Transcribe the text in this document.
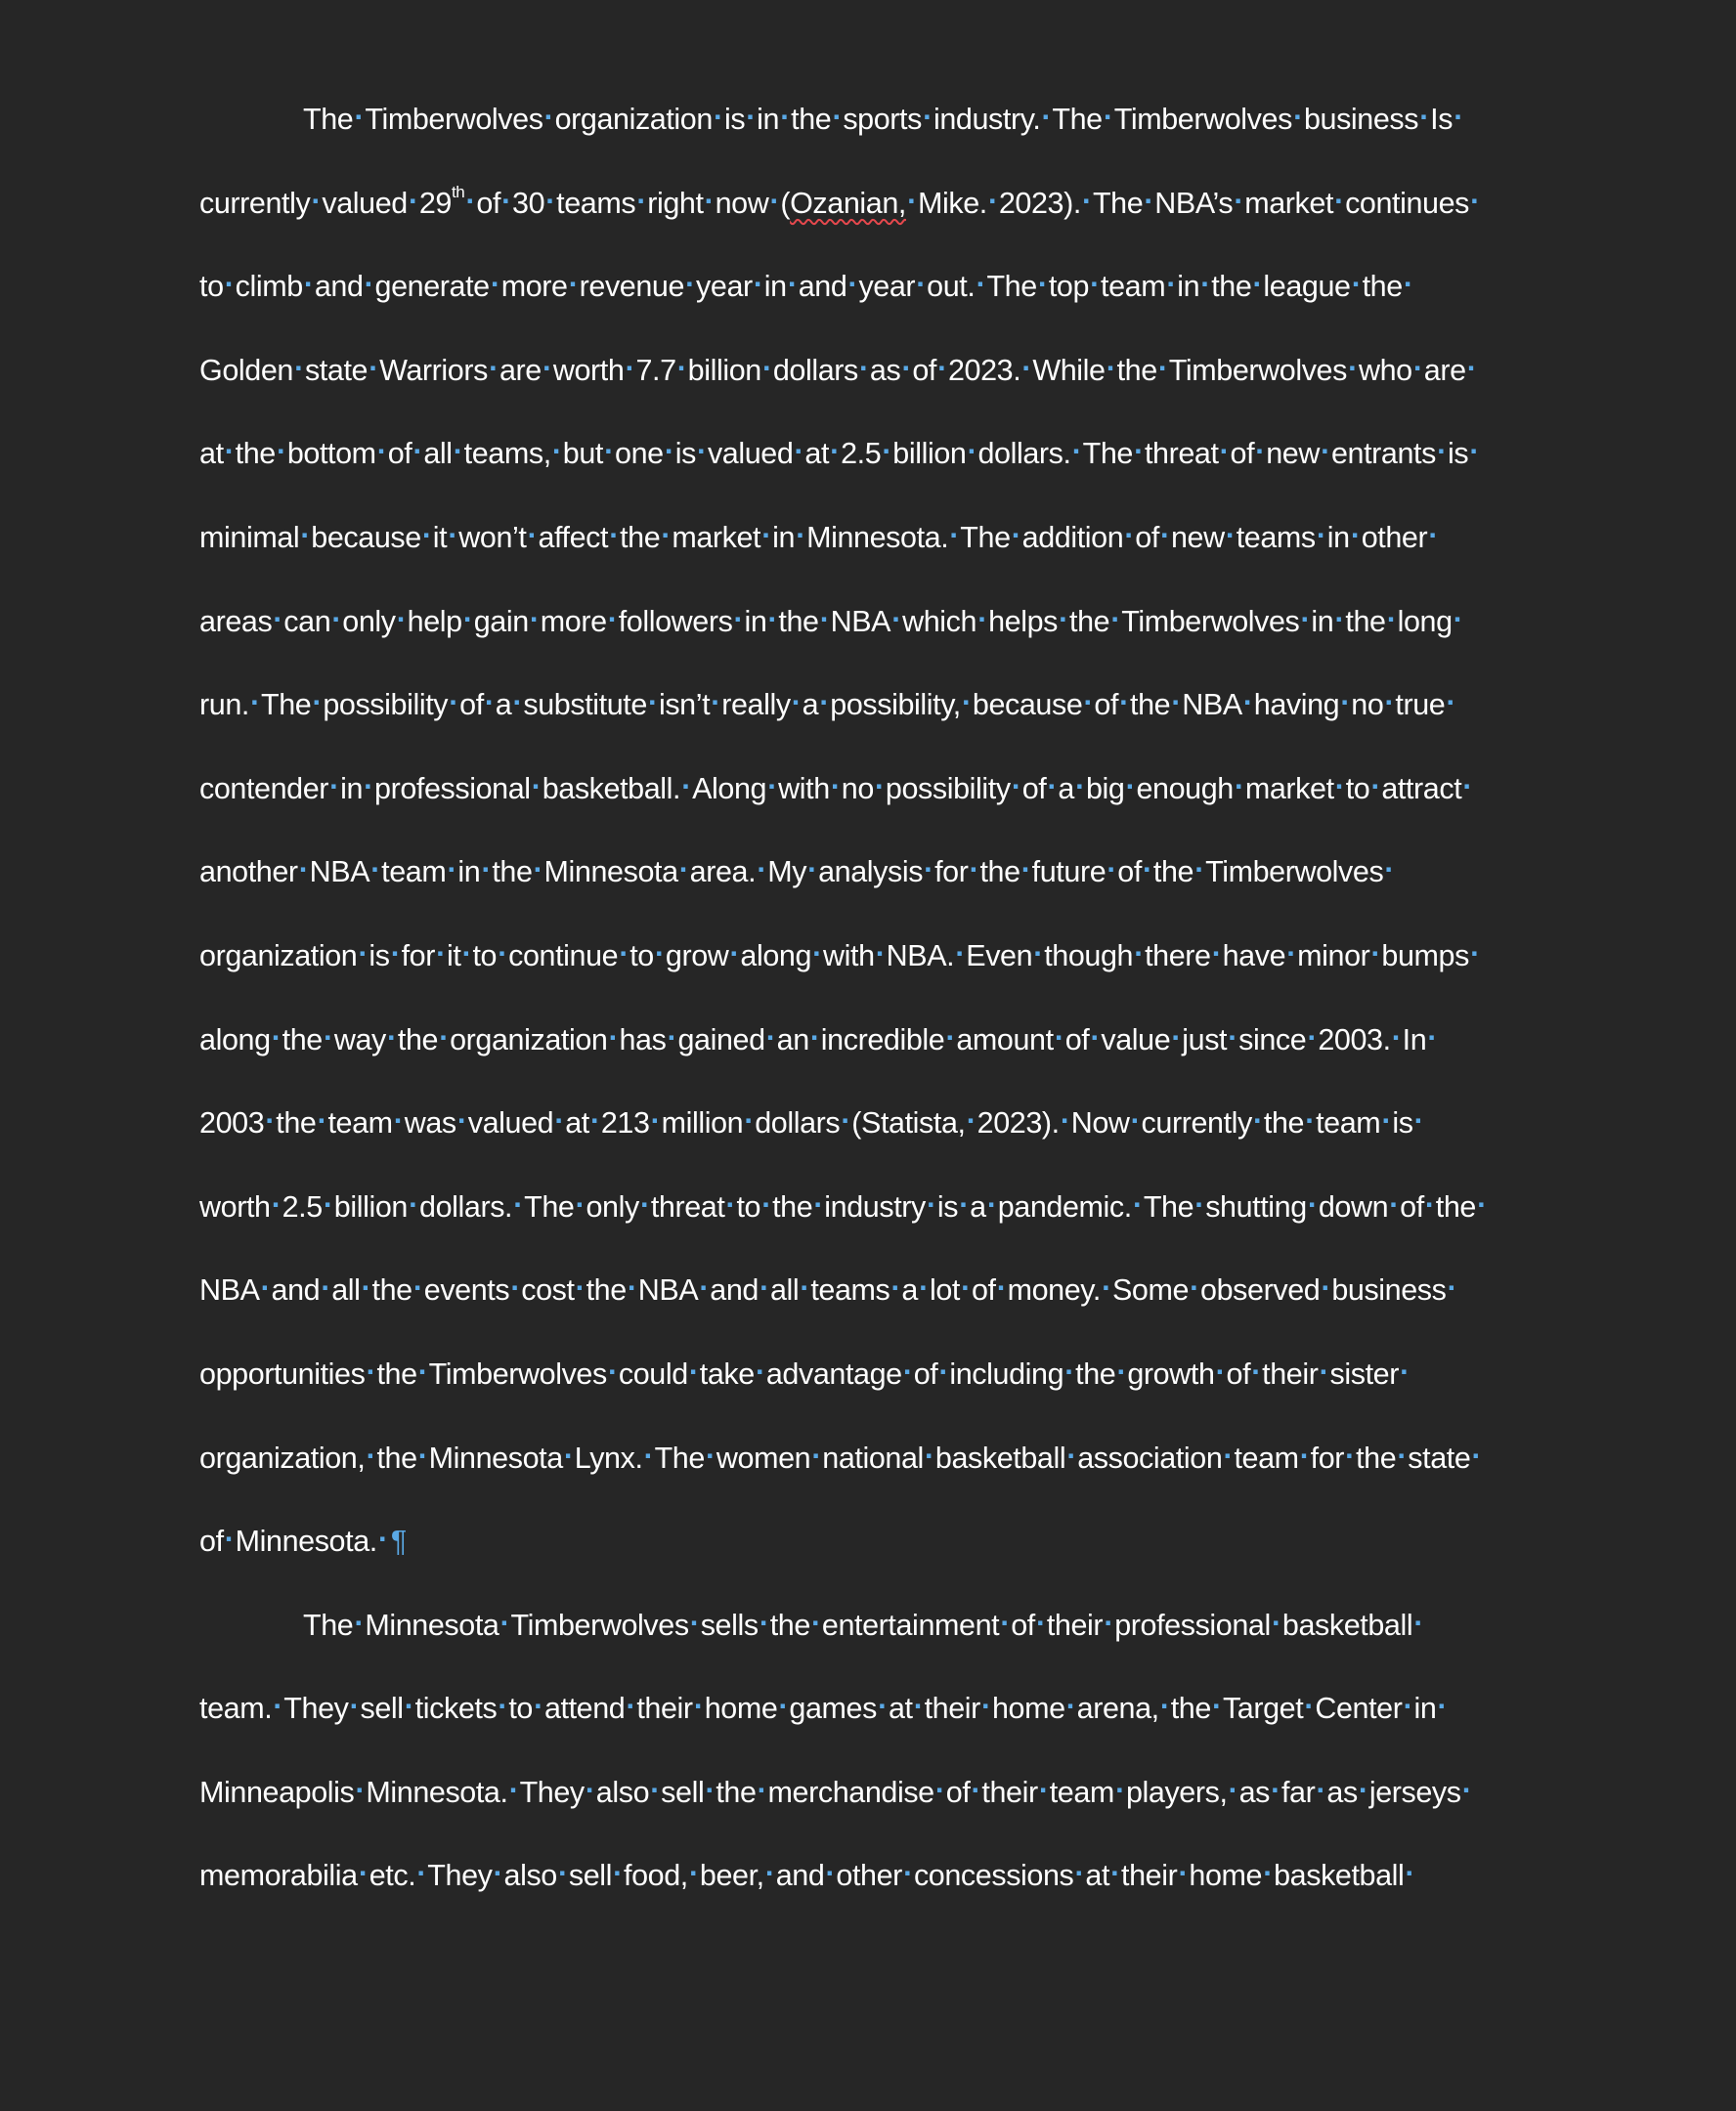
The·Timberwolves·organization·is·in·the·sports·industry.·The·Timberwolves·business·Is·
currently·valued·29th·of·30·teams·right·now·(Ozanian,·Mike.·2023).·The·NBA’s·market·continues·
to·climb·and·generate·more·revenue·year·in·and·year·out.·The·top·team·in·the·league·the·
Golden·state·Warriors·are·worth·7.7·billion·dollars·as·of·2023.·While·the·Timberwolves·who·are·
at·the·bottom·of·all·teams,·but·one·is·valued·at·2.5·billion·dollars.·The·threat·of·new·entrants·is·
minimal·because·it·won’t·affect·the·market·in·Minnesota.·The·addition·of·new·teams·in·other·
areas·can·only·help·gain·more·followers·in·the·NBA·which·helps·the·Timberwolves·in·the·long·
run.·The·possibility·of·a·substitute·isn’t·really·a·possibility,·because·of·the·NBA·having·no·true·
contender·in·professional·basketball.·Along·with·no·possibility·of·a·big·enough·market·to·attract·
another·NBA·team·in·the·Minnesota·area.·My·analysis·for·the·future·of·the·Timberwolves·
organization·is·for·it·to·continue·to·grow·along·with·NBA.·Even·though·there·have·minor·bumps·
along·the·way·the·organization·has·gained·an·incredible·amount·of·value·just·since·2003.·In·
2003·the·team·was·valued·at·213·million·dollars·(Statista,·2023).·Now·currently·the·team·is·
worth·2.5·billion·dollars.·The·only·threat·to·the·industry·is·a·pandemic.·The·shutting·down·of·the·
NBA·and·all·the·events·cost·the·NBA·and·all·teams·a·lot·of·money.·Some·observed·business·
opportunities·the·Timberwolves·could·take·advantage·of·including·the·growth·of·their·sister·
organization,·the·Minnesota·Lynx.·The·women·national·basketball·association·team·for·the·state·
of·Minnesota.· ¶
The·Minnesota·Timberwolves·sells·the·entertainment·of·their·professional·basketball·
team.·They·sell·tickets·to·attend·their·home·games·at·their·home·arena,·the·Target·Center·in·
Minneapolis·Minnesota.·They·also·sell·the·merchandise·of·their·team·players,·as·far·as·jerseys·
memorabilia·etc.·They·also·sell·food,·beer,·and·other·concessions·at·their·home·basketball·
